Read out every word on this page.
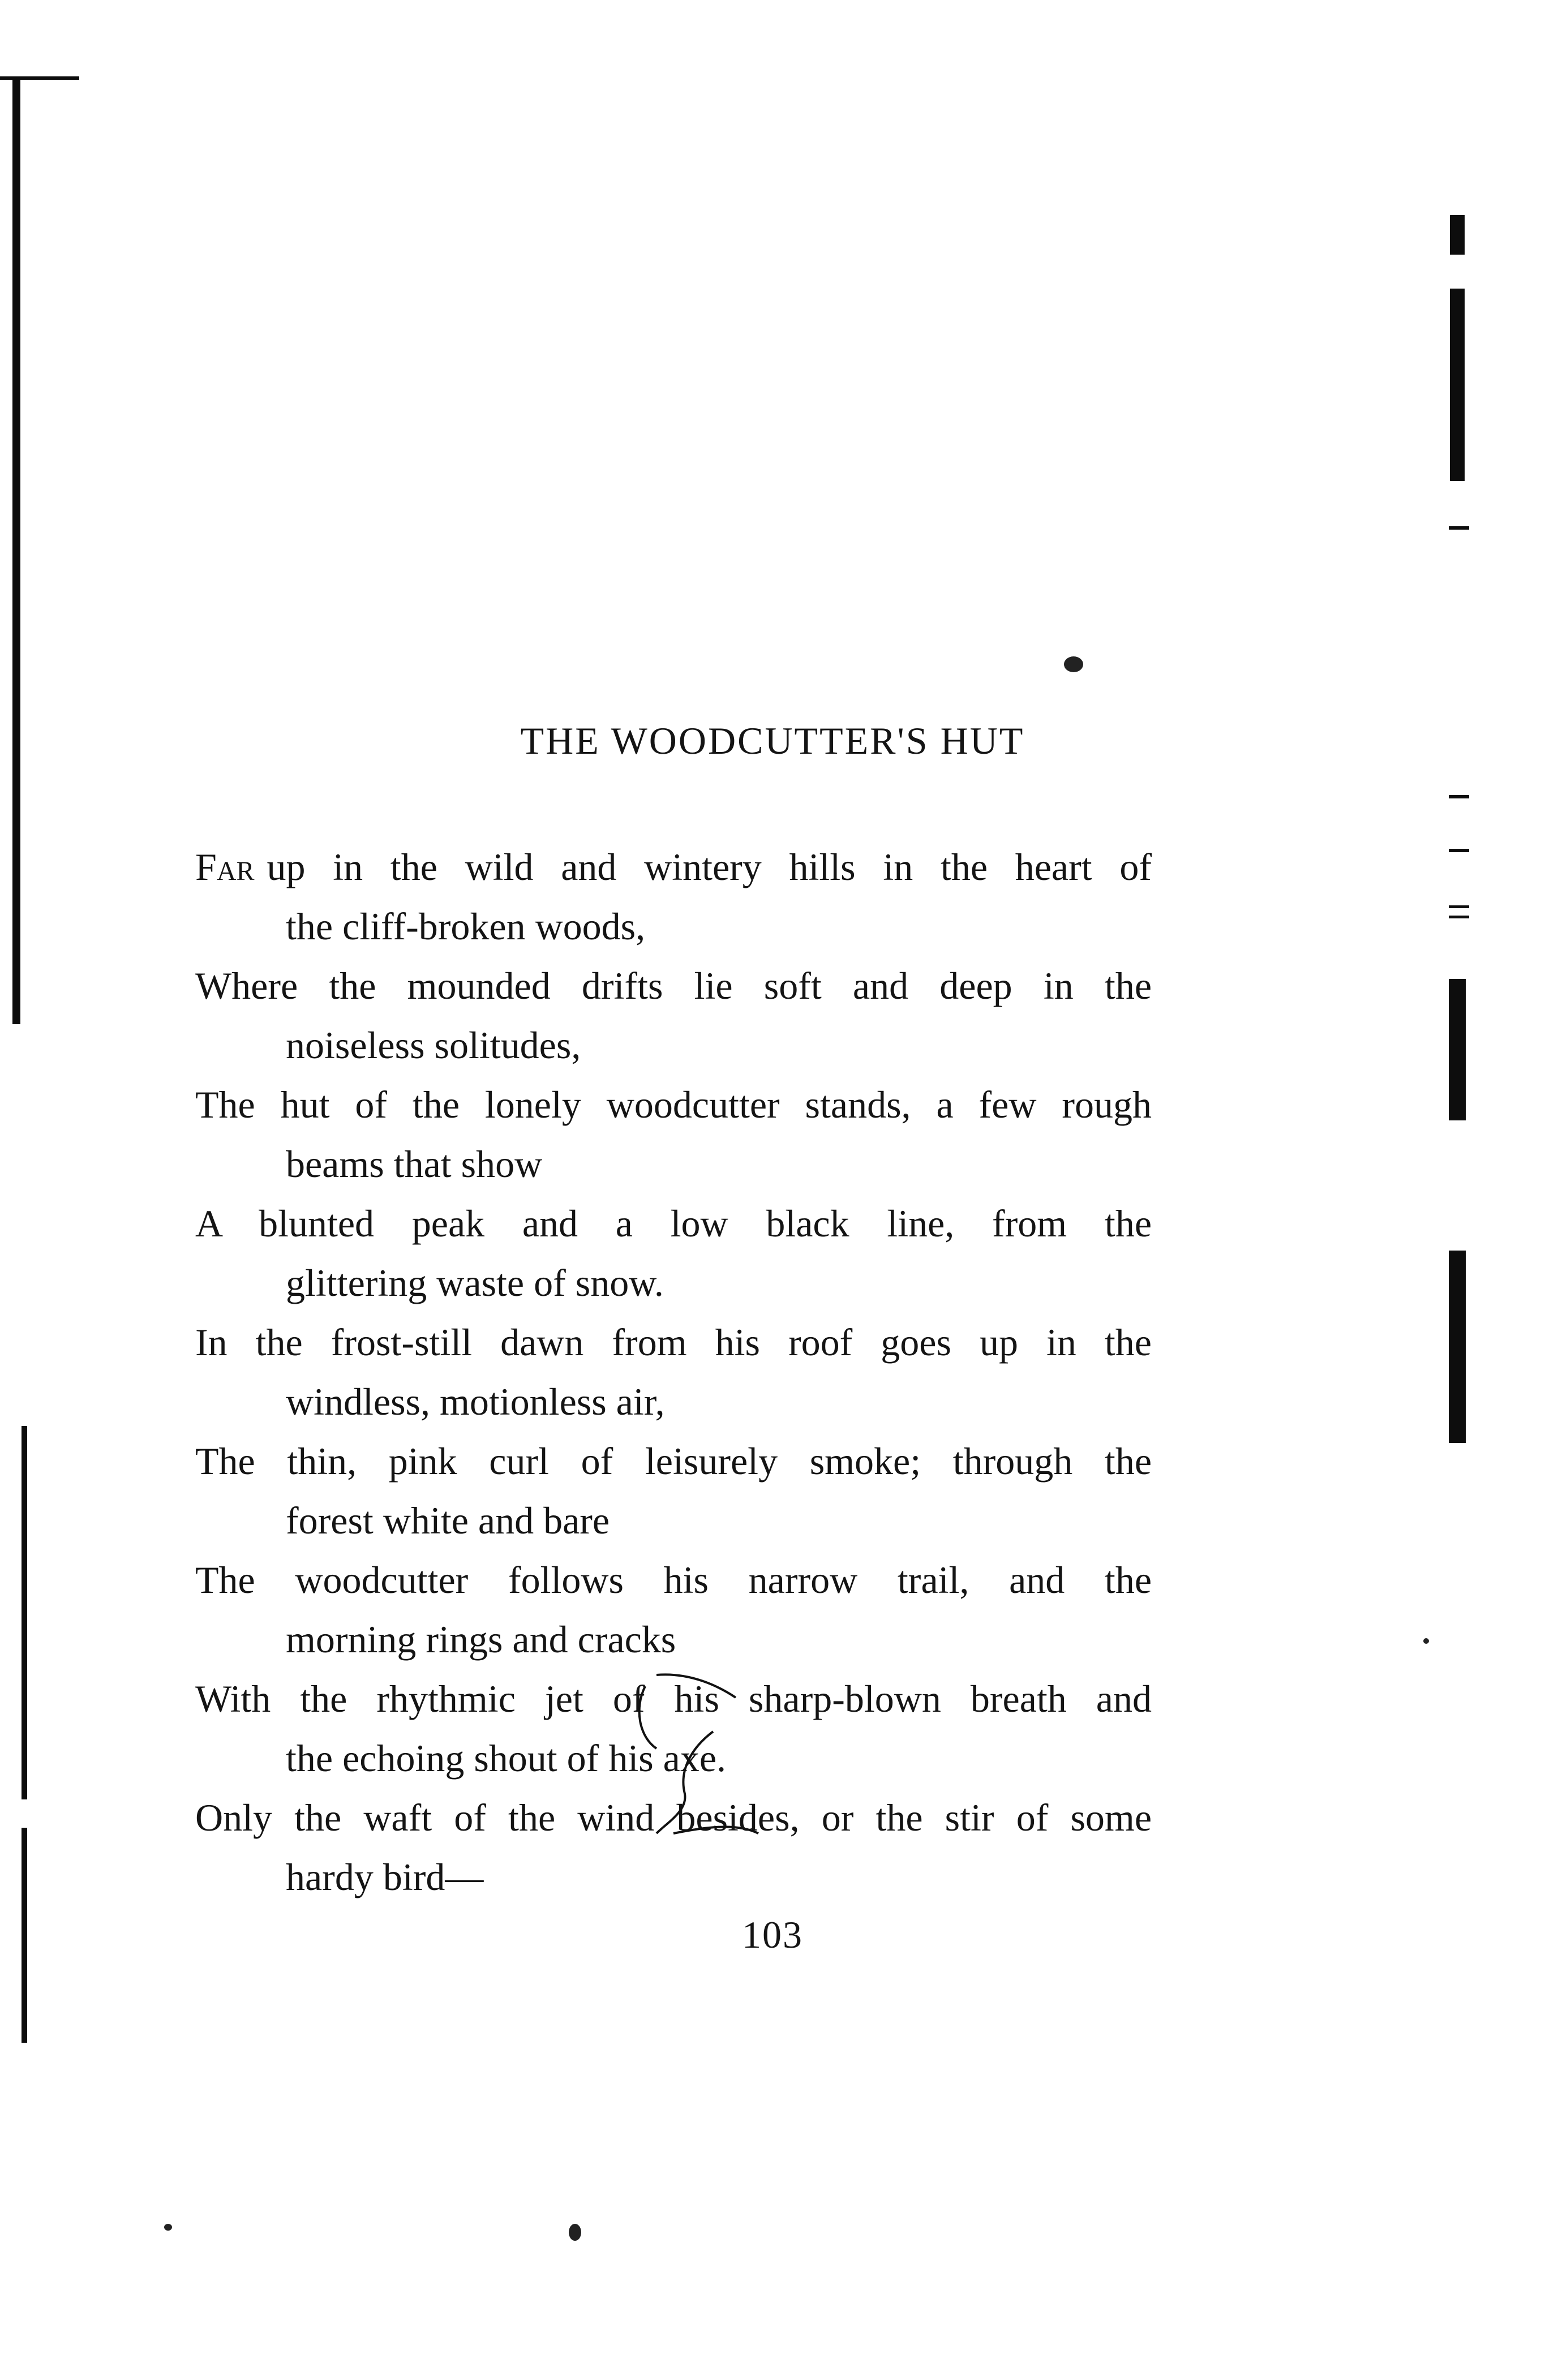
THE WOODCUTTER'S HUT
Far up in the wild and wintery hills in the heart of
the cliff-broken woods,
Where the mounded drifts lie soft and deep in the
noiseless solitudes,
The hut of the lonely woodcutter stands, a few rough
beams that show
A blunted peak and a low black line, from the
glittering waste of snow.
In the frost-still dawn from his roof goes up in the
windless, motionless air,
The thin, pink curl of leisurely smoke; through the
forest white and bare
The woodcutter follows his narrow trail, and the
morning rings and cracks
With the rhythmic jet of his sharp-blown breath and
the echoing shout of his axe.
Only the waft of the wind besides, or the stir of some
hardy bird—
103
